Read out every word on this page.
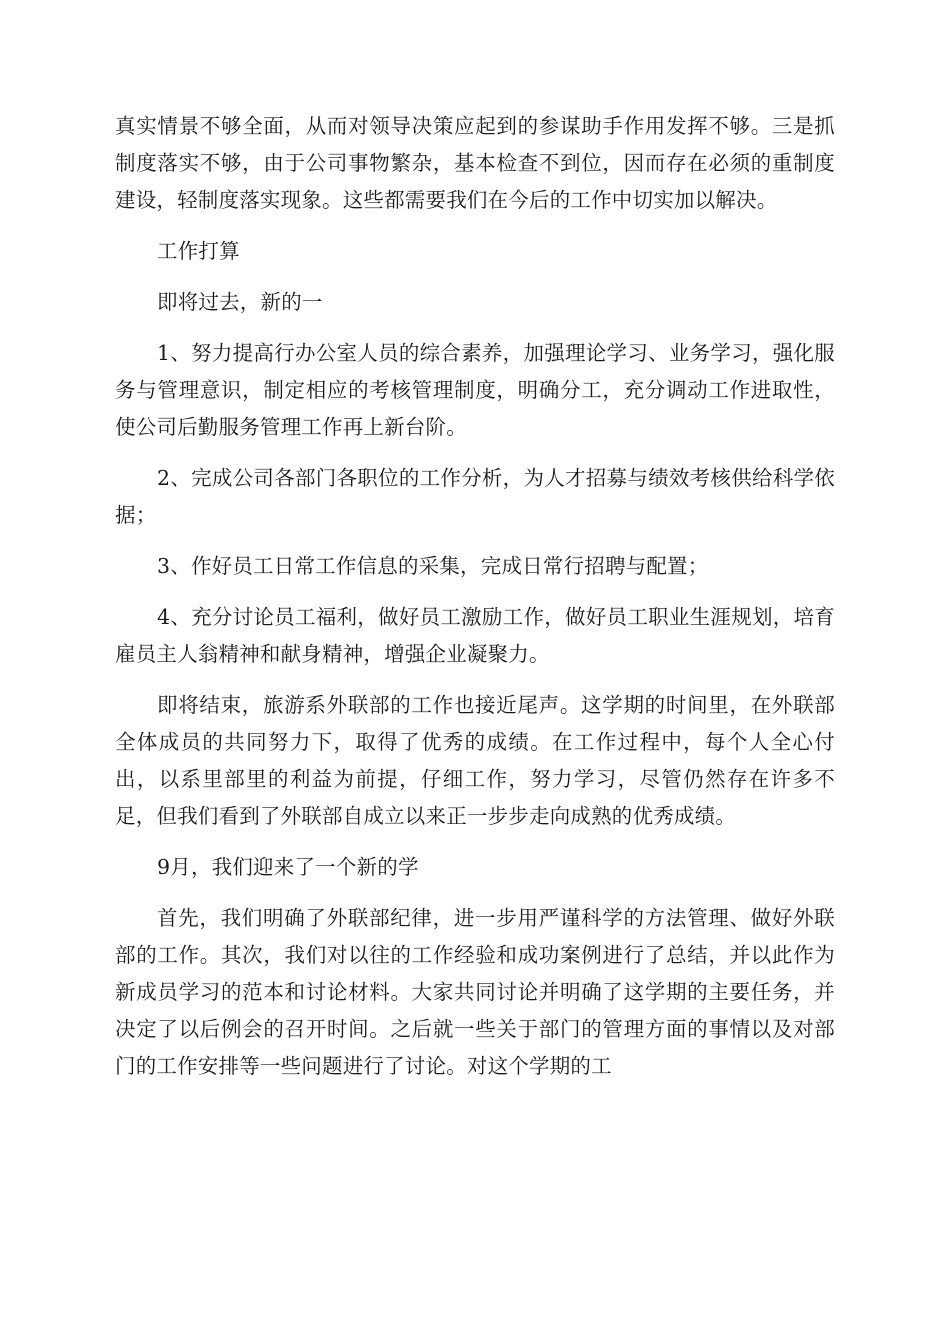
真实情景不够全面，从而对领导决策应起到的参谋助手作用发挥不够。三是抓制度落实不够，由于公司事物繁杂，基本检查不到位，因而存在必须的重制度建设，轻制度落实现象。这些都需要我们在今后的工作中切实加以解决。

工作打算

即将过去，新的一

1、努力提高行办公室人员的综合素养，加强理论学习、业务学习，强化服务与管理意识，制定相应的考核管理制度，明确分工，充分调动工作进取性，使公司后勤服务管理工作再上新台阶。

2、完成公司各部门各职位的工作分析，为人才招募与绩效考核供给科学依据；

3、作好员工日常工作信息的采集，完成日常行招聘与配置；

4、充分讨论员工福利，做好员工激励工作，做好员工职业生涯规划，培育雇员主人翁精神和献身精神，增强企业凝聚力。

即将结束，旅游系外联部的工作也接近尾声。这学期的时间里，在外联部全体成员的共同努力下，取得了优秀的成绩。在工作过程中，每个人全心付出，以系里部里的利益为前提，仔细工作，努力学习，尽管仍然存在许多不足，但我们看到了外联部自成立以来正一步步走向成熟的优秀成绩。

9月，我们迎来了一个新的学

首先，我们明确了外联部纪律，进一步用严谨科学的方法管理、做好外联部的工作。其次，我们对以往的工作经验和成功案例进行了总结，并以此作为新成员学习的范本和讨论材料。大家共同讨论并明确了这学期的主要任务，并决定了以后例会的召开时间。之后就一些关于部门的管理方面的事情以及对部门的工作安排等一些问题进行了讨论。对这个学期的工
